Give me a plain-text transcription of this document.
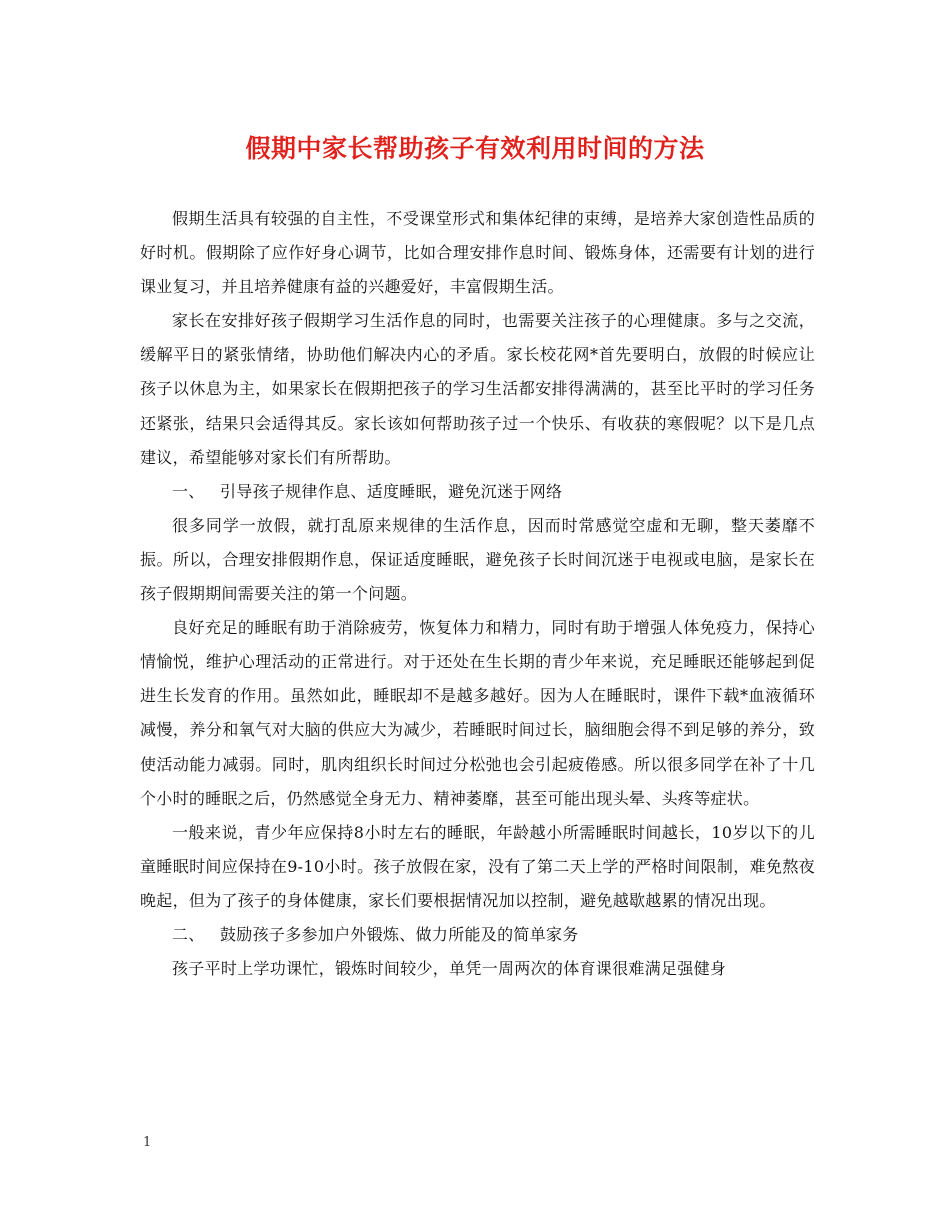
假期中家长帮助孩子有效利用时间的方法

假期生活具有较强的自主性，不受课堂形式和集体纪律的束缚，是培养大家创造性品质的好时机。假期除了应作好身心调节，比如合理安排作息时间、锻炼身体，还需要有计划的进行课业复习，并且培养健康有益的兴趣爱好，丰富假期生活。

家长在安排好孩子假期学习生活作息的同时，也需要关注孩子的心理健康。多与之交流，缓解平日的紧张情绪，协助他们解决内心的矛盾。家长校花网*首先要明白，放假的时候应让孩子以休息为主，如果家长在假期把孩子的学习生活都安排得满满的，甚至比平时的学习任务还紧张，结果只会适得其反。家长该如何帮助孩子过一个快乐、有收获的寒假呢？以下是几点建议，希望能够对家长们有所帮助。

一、 引导孩子规律作息、适度睡眠，避免沉迷于网络

很多同学一放假，就打乱原来规律的生活作息，因而时常感觉空虚和无聊，整天萎靡不振。所以，合理安排假期作息，保证适度睡眠，避免孩子长时间沉迷于电视或电脑，是家长在孩子假期期间需要关注的第一个问题。

良好充足的睡眠有助于消除疲劳，恢复体力和精力，同时有助于增强人体免疫力，保持心情愉悦，维护心理活动的正常进行。对于还处在生长期的青少年来说，充足睡眠还能够起到促进生长发育的作用。虽然如此，睡眠却不是越多越好。因为人在睡眠时，课件下载*血液循环减慢，养分和氧气对大脑的供应大为减少，若睡眠时间过长，脑细胞会得不到足够的养分，致使活动能力减弱。同时，肌肉组织长时间过分松弛也会引起疲倦感。所以很多同学在补了十几个小时的睡眠之后，仍然感觉全身无力、精神萎靡，甚至可能出现头晕、头疼等症状。

一般来说，青少年应保持8小时左右的睡眠，年龄越小所需睡眠时间越长，10岁以下的儿童睡眠时间应保持在9-10小时。孩子放假在家，没有了第二天上学的严格时间限制，难免熬夜晚起，但为了孩子的身体健康，家长们要根据情况加以控制，避免越歇越累的情况出现。

二、 鼓励孩子多参加户外锻炼、做力所能及的简单家务

孩子平时上学功课忙，锻炼时间较少，单凭一周两次的体育课很难满足强健身

1
